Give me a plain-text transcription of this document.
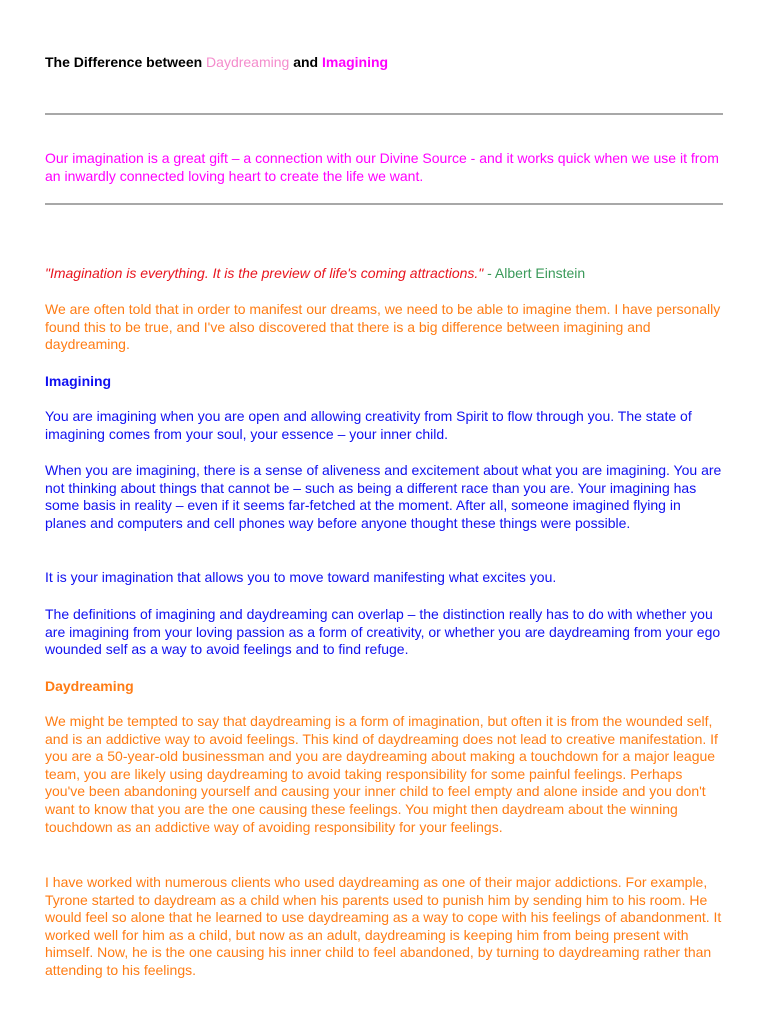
The Difference between Daydreaming and Imagining
Our imagination is a great gift – a connection with our Divine Source - and it works quick when we use it from an inwardly connected loving heart to create the life we want.
"Imagination is everything. It is the preview of life's coming attractions." - Albert Einstein

We are often told that in order to manifest our dreams, we need to be able to imagine them. I have personally found this to be true, and I've also discovered that there is a big difference between imagining and daydreaming.

Imagining

You are imagining when you are open and allowing creativity from Spirit to flow through you. The state of imagining comes from your soul, your essence – your inner child.

When you are imagining, there is a sense of aliveness and excitement about what you are imagining. You are not thinking about things that cannot be – such as being a different race than you are. Your imagining has some basis in reality – even if it seems far-fetched at the moment. After all, someone imagined flying in planes and computers and cell phones way before anyone thought these things were possible.

It is your imagination that allows you to move toward manifesting what excites you.

The definitions of imagining and daydreaming can overlap – the distinction really has to do with whether you are imagining from your loving passion as a form of creativity, or whether you are daydreaming from your ego wounded self as a way to avoid feelings and to find refuge.

Daydreaming

We might be tempted to say that daydreaming is a form of imagination, but often it is from the wounded self, and is an addictive way to avoid feelings. This kind of daydreaming does not lead to creative manifestation. If you are a 50-year-old businessman and you are daydreaming about making a touchdown for a major league team, you are likely using daydreaming to avoid taking responsibility for some painful feelings. Perhaps you've been abandoning yourself and causing your inner child to feel empty and alone inside and you don't want to know that you are the one causing these feelings. You might then daydream about the winning touchdown as an addictive way of avoiding responsibility for your feelings.

I have worked with numerous clients who used daydreaming as one of their major addictions. For example, Tyrone started to daydream as a child when his parents used to punish him by sending him to his room. He would feel so alone that he learned to use daydreaming as a way to cope with his feelings of abandonment. It worked well for him as a child, but now as an adult, daydreaming is keeping him from being present with himself. Now, he is the one causing his inner child to feel abandoned, by turning to daydreaming rather than attending to his feelings.
